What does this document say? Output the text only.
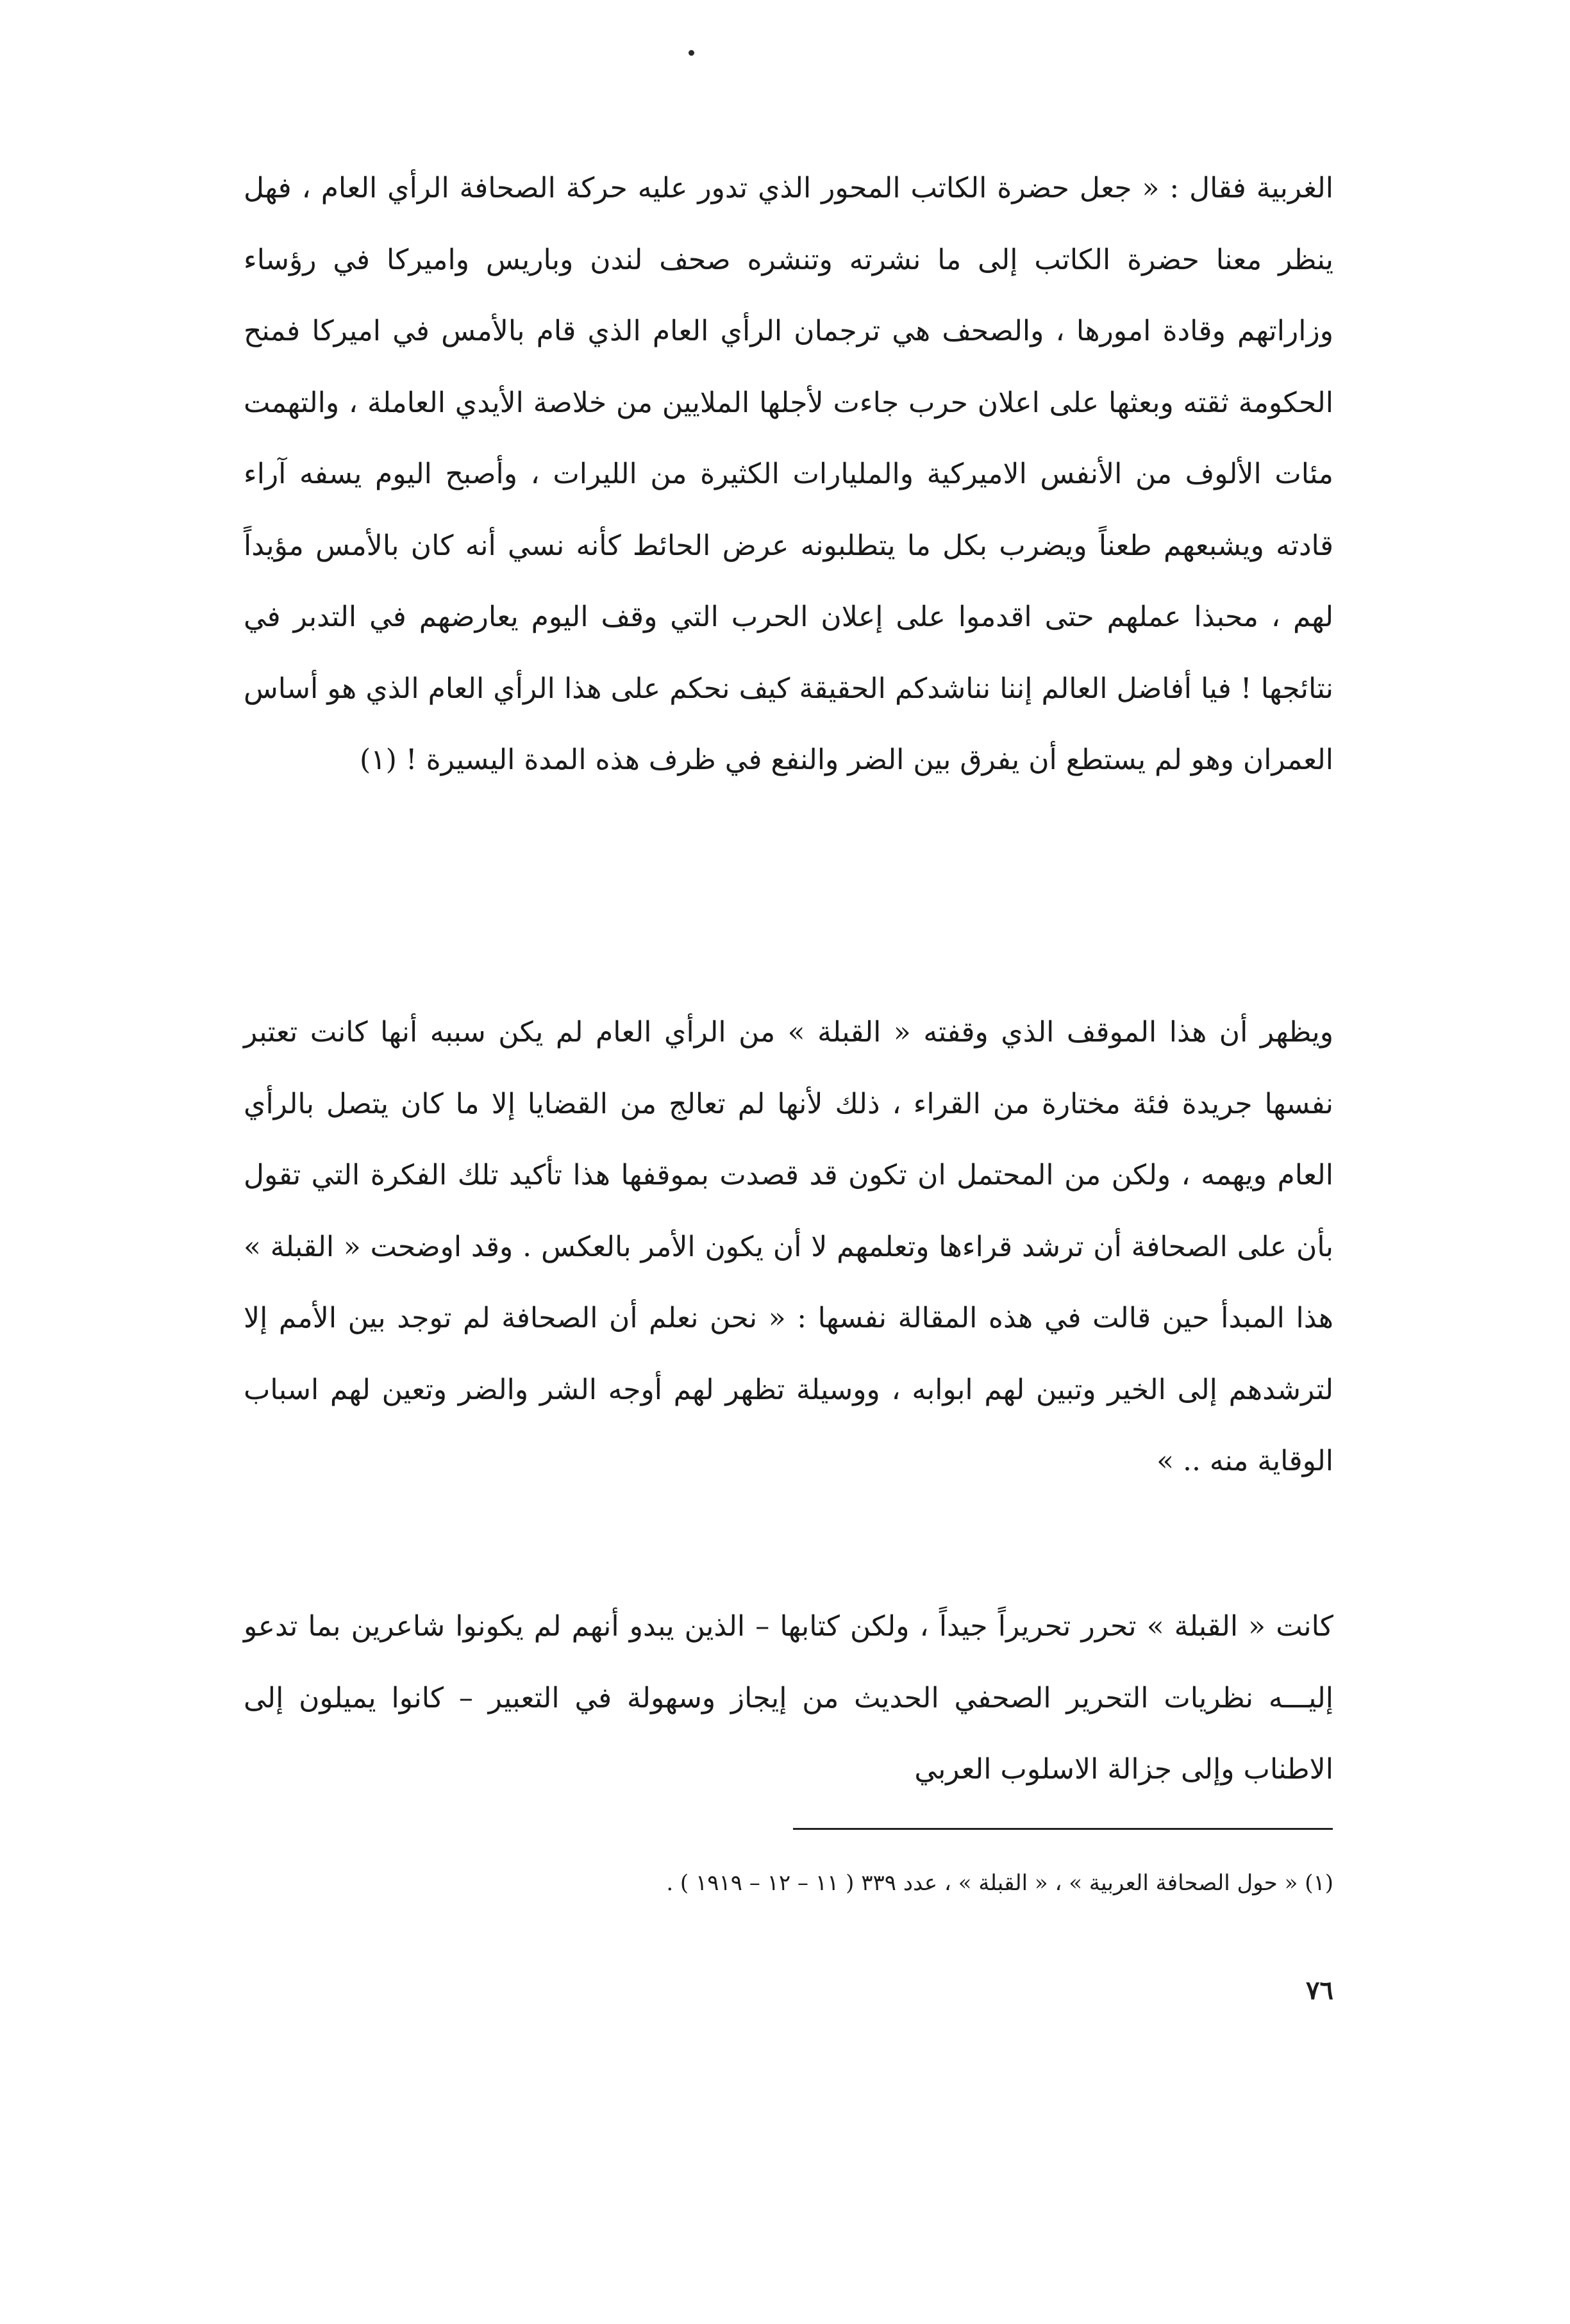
الغربية فقال : « جعل حضرة الكاتب المحور الذي تدور عليه حركة الصحافة الرأي العام ، فهل ينظر معنا حضرة الكاتب إلى ما نشرته وتنشره صحف لندن وباريس واميركا في رؤساء وزاراتهم وقادة امورها ، والصحف هي ترجمان الرأي العام الذي قام بالأمس في اميركا فمنح الحكومة ثقته وبعثها على اعلان حرب جاءت لأجلها الملايين من خلاصة الأيدي العاملة ، والتهمت مئات الألوف من الأنفس الاميركية والمليارات الكثيرة من الليرات ، وأصبح اليوم يسفه آراء قادته ويشبعهم طعناً ويضرب بكل ما يتطلبونه عرض الحائط كأنه نسي أنه كان بالأمس مؤيداً لهم ، محبذا عملهم حتى اقدموا على إعلان الحرب التي وقف اليوم يعارضهم في التدبر في نتائجها ! فيا أفاضل العالم إننا نناشدكم الحقيقة كيف نحكم على هذا الرأي العام الذي هو أساس العمران وهو لم يستطع أن يفرق بين الضر والنفع في ظرف هذه المدة اليسيرة ! (١)

ويظهر أن هذا الموقف الذي وقفته « القبلة » من الرأي العام لم يكن سببه أنها كانت تعتبر نفسها جريدة فئة مختارة من القراء ، ذلك لأنها لم تعالج من القضايا إلا ما كان يتصل بالرأي العام ويهمه ، ولكن من المحتمل ان تكون قد قصدت بموقفها هذا تأكيد تلك الفكرة التي تقول بأن على الصحافة أن ترشد قراءها وتعلمهم لا أن يكون الأمر بالعكس . وقد اوضحت « القبلة » هذا المبدأ حين قالت في هذه المقالة نفسها : « نحن نعلم أن الصحافة لم توجد بين الأمم إلا لترشدهم إلى الخير وتبين لهم ابوابه ، ووسيلة تظهر لهم أوجه الشر والضر وتعين لهم اسباب الوقاية منه .. »

كانت « القبلة » تحرر تحريراً جيداً ، ولكن كتابها – الذين يبدو أنهم لم يكونوا شاعرين بما تدعو إليـــه نظريات التحرير الصحفي الحديث من إيجاز وسهولة في التعبير – كانوا يميلون إلى الاطناب وإلى جزالة الاسلوب العربي

(١) « حول الصحافة العربية » ، « القبلة » ، عدد ٣٣٩ ( ١١ – ١٢ – ١٩١٩ ) .
٧٦
